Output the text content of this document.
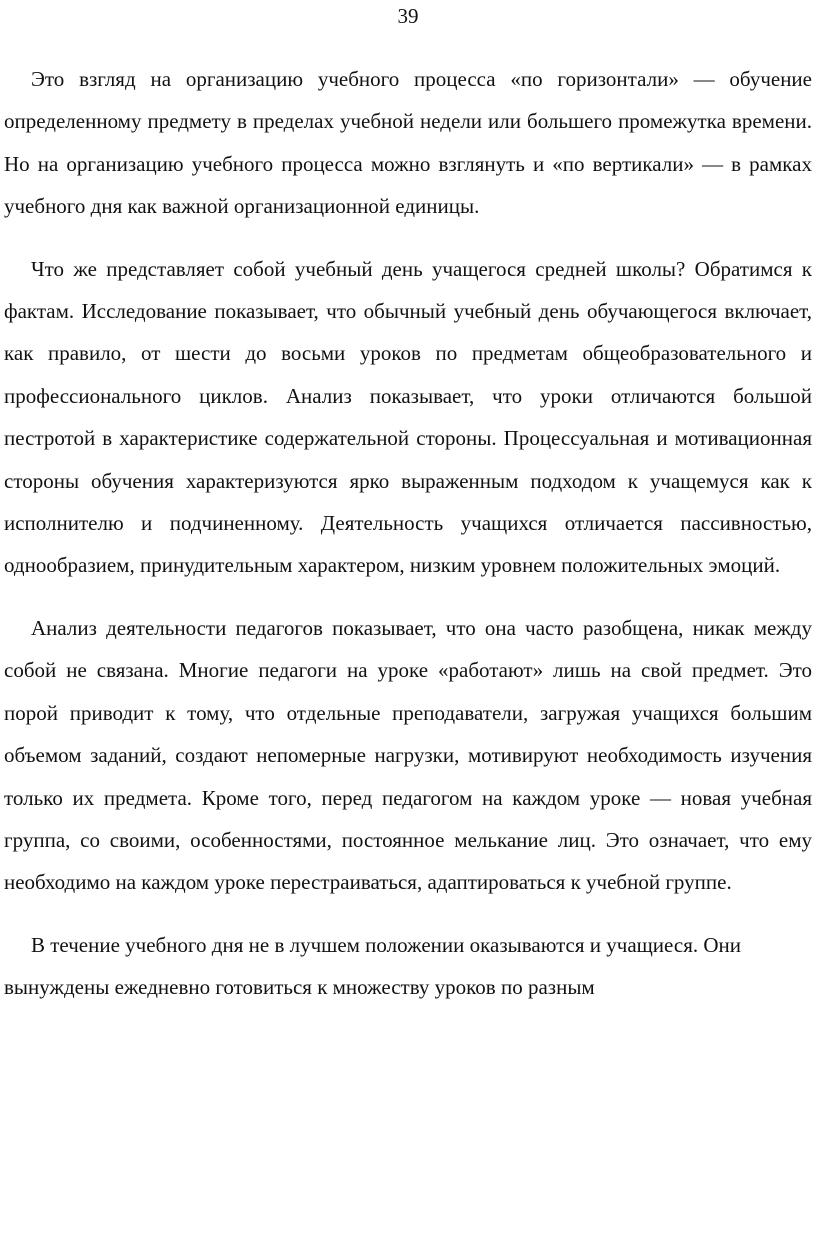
39

Это взгляд на организацию учебного процесса «по горизонтали» — обучение определенному предмету в пределах учебной недели или большего промежутка времени. Но на организацию учебного процесса можно взглянуть и «по вертикали» — в рамках учебного дня как важной организационной единицы.

Что же представляет собой учебный день учащегося средней школы? Обратимся к фактам. Исследование показывает, что обычный учебный день обучающегося включает, как правило, от шести до восьми уроков по предметам общеобразовательного и профессионального циклов. Анализ показывает, что уроки отличаются большой пестротой в характеристике содержательной стороны. Процессуальная и мотивационная стороны обучения характеризуются ярко выраженным подходом к учащемуся как к исполнителю и подчиненному. Деятельность учащихся отличается пассивностью, однообразием, принудительным характером, низким уровнем положительных эмоций.

Анализ деятельности педагогов показывает, что она часто разобщена, никак между собой не связана. Многие педагоги на уроке «работают» лишь на свой предмет. Это порой приводит к тому, что отдельные преподаватели, загружая учащихся большим объемом заданий, создают непомерные нагрузки, мотивируют необходимость изучения только их предмета. Кроме того, перед педагогом на каждом уроке — новая учебная группа, со своими, особенностями, постоянное мелькание лиц. Это означает, что ему необходимо на каждом уроке перестраиваться, адаптироваться к учебной группе.

В течение учебного дня не в лучшем положении оказываются и учащиеся. Они вынуждены ежедневно готовиться к множеству уроков по разным
